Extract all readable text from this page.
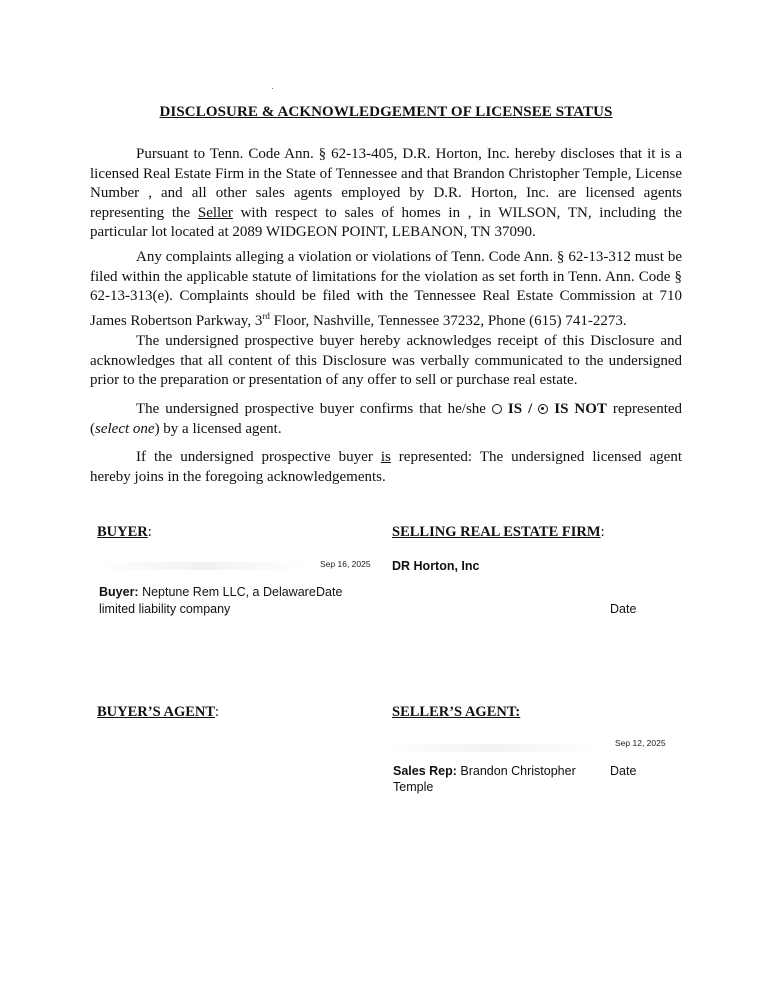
DISCLOSURE & ACKNOWLEDGEMENT OF LICENSEE STATUS

Pursuant to Tenn. Code Ann. § 62-13-405, D.R. Horton, Inc. hereby discloses that it is a licensed Real Estate Firm in the State of Tennessee and that Brandon Christopher Temple, License Number , and all other sales agents employed by D.R. Horton, Inc. are licensed agents representing the Seller with respect to sales of homes in , in WILSON, TN, including the particular lot located at 2089 WIDGEON POINT, LEBANON, TN 37090.

Any complaints alleging a violation or violations of Tenn. Code Ann. § 62-13-312 must be filed within the applicable statute of limitations for the violation as set forth in Tenn. Ann. Code § 62-13-313(e). Complaints should be filed with the Tennessee Real Estate Commission at 710 James Robertson Parkway, 3rd Floor, Nashville, Tennessee 37232, Phone (615) 741-2273.

The undersigned prospective buyer hereby acknowledges receipt of this Disclosure and acknowledges that all content of this Disclosure was verbally communicated to the undersigned prior to the preparation or presentation of any offer to sell or purchase real estate.

The undersigned prospective buyer confirms that he/she  IS /  IS NOT represented (select one) by a licensed agent.

If the undersigned prospective buyer is represented: The undersigned licensed agent hereby joins in the foregoing acknowledgements.

BUYER:
Sep 16, 2025
Buyer: Neptune Rem LLC, a Delaware Date
limited liability company
SELLING REAL ESTATE FIRM:
DR Horton, Inc
Date
BUYER’S AGENT:	SELLER’S AGENT:
Sep 12, 2025
Sales Rep: Brandon Christopher	Date
Temple
